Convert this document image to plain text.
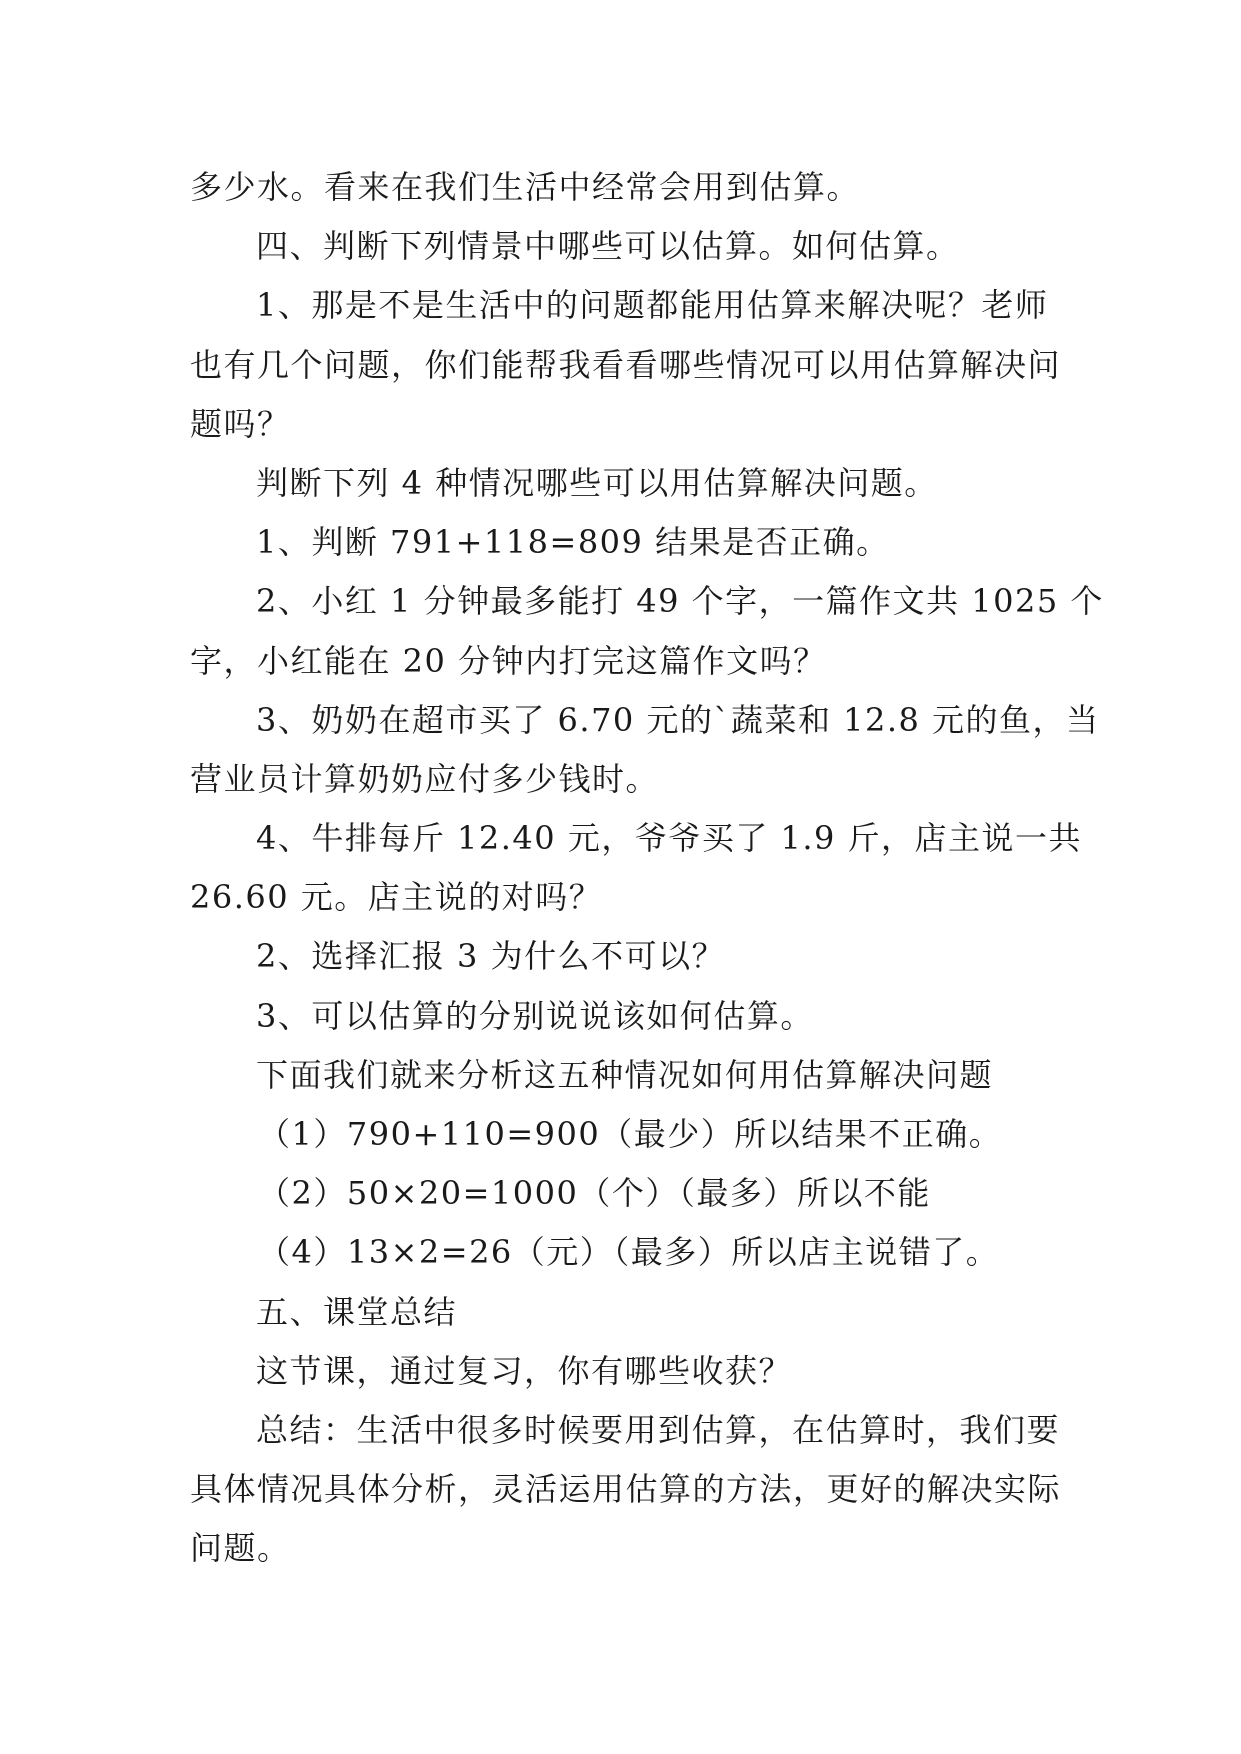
多少水。看来在我们生活中经常会用到估算。
四、判断下列情景中哪些可以估算。如何估算。
1、那是不是生活中的问题都能用估算来解决呢？老师
也有几个问题，你们能帮我看看哪些情况可以用估算解决问
题吗？
判断下列 4 种情况哪些可以用估算解决问题。
1、判断 791+118=809 结果是否正确。
2、小红 1 分钟最多能打 49 个字，一篇作文共 1025 个
字，小红能在 20 分钟内打完这篇作文吗？
3、奶奶在超市买了 6.70 元的`蔬菜和 12.8 元的鱼，当
营业员计算奶奶应付多少钱时。
4、牛排每斤 12.40 元，爷爷买了 1.9 斤，店主说一共
26.60 元。店主说的对吗？
2、选择汇报 3 为什么不可以？
3、可以估算的分别说说该如何估算。
下面我们就来分析这五种情况如何用估算解决问题
（1）790+110=900（最少）所以结果不正确。
（2）50×20=1000（个）（最多）所以不能
（4）13×2=26（元）（最多）所以店主说错了。
五、课堂总结
这节课，通过复习，你有哪些收获？
总结：生活中很多时候要用到估算，在估算时，我们要
具体情况具体分析，灵活运用估算的方法，更好的解决实际
问题。
